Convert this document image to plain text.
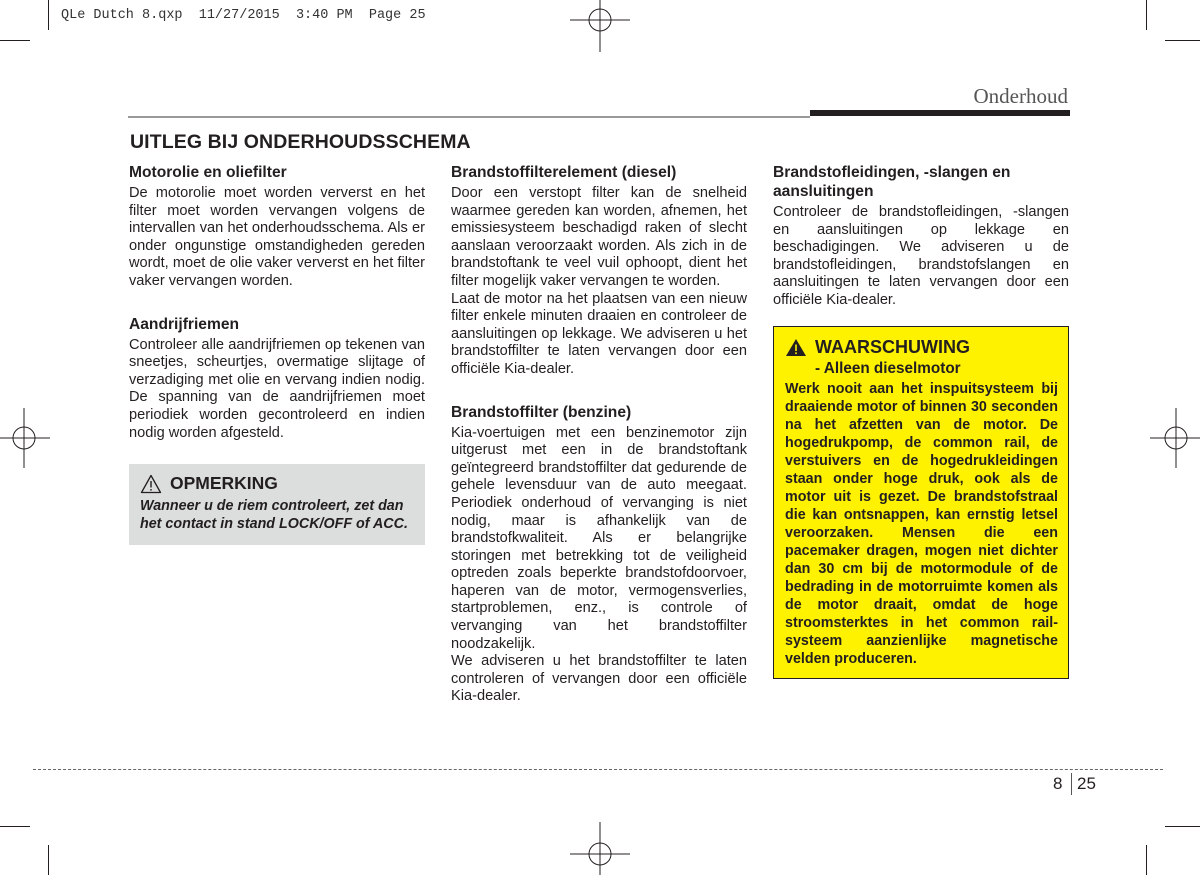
QLe Dutch 8.qxp  11/27/2015  3:40 PM  Page 25
Onderhoud
UITLEG BIJ ONDERHOUDSSCHEMA
Motorolie en oliefilter

De motorolie moet worden ververst en het filter moet worden vervangen volgens de intervallen van het onderhoudsschema. Als er onder ongunstige omstandigheden gereden wordt, moet de olie vaker ververst en het filter vaker vervangen worden.

Aandrijfriemen

Controleer alle aandrijfriemen op tekenen van sneetjes, scheurtjes, overmatige slijtage of verzadiging met olie en vervang indien nodig. De spanning van de aandrijfriemen moet periodiek worden gecontroleerd en indien nodig worden afgesteld.

OPMERKING
Wanneer u de riem controleert, zet dan het contact in stand LOCK/OFF of ACC.
Brandstoffilterelement (diesel)

Door een verstopt filter kan de snelheid waarmee gereden kan worden, afnemen, het emissiesysteem beschadigd raken of slecht aanslaan veroorzaakt worden. Als zich in de brandstoftank te veel vuil ophoopt, dient het filter mogelijk vaker vervangen te worden.

Laat de motor na het plaatsen van een nieuw filter enkele minuten draaien en controleer de aansluitingen op lekkage. We adviseren u het brandstoffilter te laten vervangen door een officiële Kia-dealer.

Brandstoffilter (benzine)

Kia-voertuigen met een benzinemotor zijn uitgerust met een in de brandstoftank geïntegreerd brandstoffilter dat gedurende de gehele levensduur van de auto meegaat. Periodiek onderhoud of vervanging is niet nodig, maar is afhankelijk van de brandstofkwaliteit. Als er belangrijke storingen met betrekking tot de veiligheid optreden zoals beperkte brandstofdoorvoer, haperen van de motor, vermogensverlies, startproblemen, enz., is controle of vervanging van het brandstoffilter noodzakelijk.

We adviseren u het brandstoffilter te laten controleren of vervangen door een officiële Kia-dealer.

Brandstofleidingen, -slangen en aansluitingen

Controleer de brandstofleidingen, -slangen en aansluitingen op lekkage en beschadigingen. We adviseren u de brandstofleidingen, brandstofslangen en aansluitingen te laten vervangen door een officiële Kia-dealer.

WAARSCHUWING
- Alleen dieselmotor
Werk nooit aan het inspuitsysteem bij draaiende motor of binnen 30 seconden na het afzetten van de motor. De hogedrukpomp, de common rail, de verstuivers en de hogedrukleidingen staan onder hoge druk, ook als de motor uit is gezet. De brandstofstraal die kan ontsnappen, kan ernstig letsel veroorzaken. Mensen die een pacemaker dragen, mogen niet dichter dan 30 cm bij de motormodule of de bedrading in de motorruimte komen als de motor draait, omdat de hoge stroomsterktes in het common rail-systeem aanzienlijke magnetische velden produceren.
8 25
